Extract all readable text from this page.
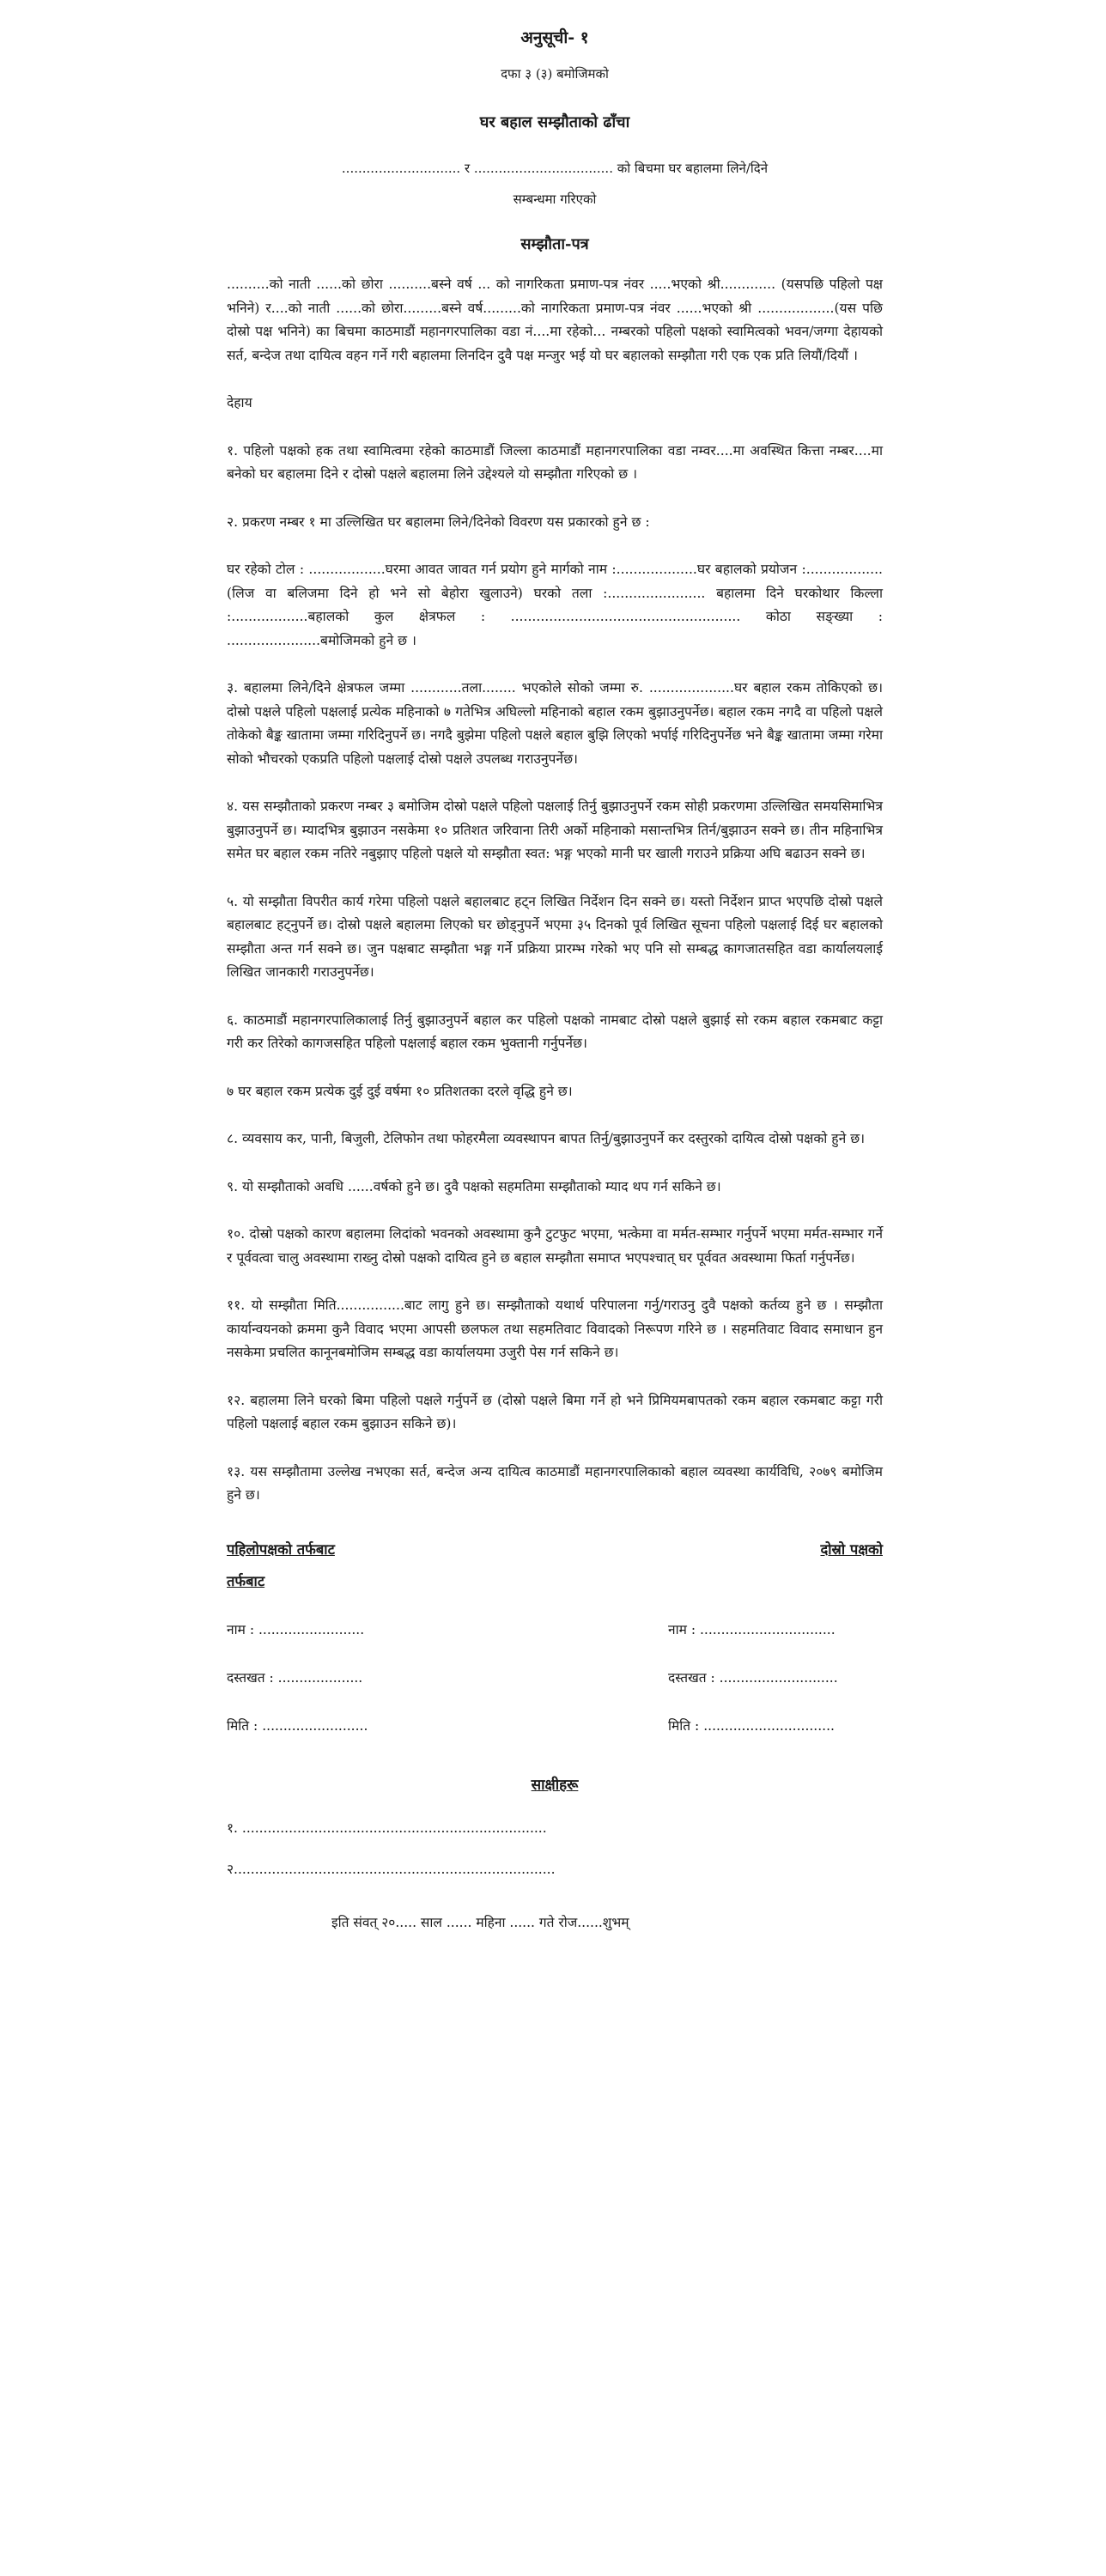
अनुसूची- १
दफा ३ (३) बमोजिमको
घर बहाल सम्झौताको ढाँचा
............................. र .................................. को बिचमा घर बहालमा लिने/दिने
सम्बन्धमा गरिएको
सम्झौता-पत्र

..........को नाती ......को छोरा ..........बस्ने वर्ष ... को नागरिकता प्रमाण-पत्र नंवर .....भएको श्री............. (यसपछि पहिलो पक्ष भनिने) र....को नाती ......को छोरा.........बस्ने वर्ष.........को नागरिकता प्रमाण-पत्र नंवर ......भएको श्री ..................(यस पछि दोस्रो पक्ष भनिने) का बिचमा काठमाडौं महानगरपालिका वडा नं....मा रहेको... नम्बरको पहिलो पक्षको स्वामित्वको भवन/जग्गा देहायको सर्त, बन्देज तथा दायित्व वहन गर्ने गरी बहालमा लिनदिन दुवै पक्ष मन्जुर भई यो घर बहालको सम्झौता गरी एक एक प्रति लियौं/दियौं ।

देहाय

१. पहिलो पक्षको हक तथा स्वामित्वमा रहेको काठमाडौं जिल्ला काठमाडौं महानगरपालिका वडा नम्वर....मा अवस्थित कित्ता नम्बर....मा बनेको घर बहालमा दिने र दोस्रो पक्षले बहालमा लिने उद्देश्यले यो सम्झौता गरिएको छ ।

२. प्रकरण नम्बर १ मा उल्लिखित घर बहालमा लिने/दिनेको विवरण यस प्रकारको हुने छ :

घर रहेको टोल : ..................घरमा आवत जावत गर्न प्रयोग हुने मार्गको नाम :...................घर बहालको प्रयोजन :.................. (लिज वा बलिजमा दिने हो भने सो बेहोरा खुलाउने) घरको तला :....................... बहालमा दिने घरकोथार किल्ला :..................बहालको कुल क्षेत्रफल : ...................................................... कोठा सङ्ख्या : ......................बमोजिमको हुने छ ।

३. बहालमा लिने/दिने क्षेत्रफल जम्मा ............तला........ भएकोले सोको जम्मा रु. ....................घर बहाल रकम तोकिएको छ। दोस्रो पक्षले पहिलो पक्षलाई प्रत्येक महिनाको ७ गतेभित्र अघिल्लो महिनाको बहाल रकम बुझाउनुपर्नेछ। बहाल रकम नगदै वा पहिलो पक्षले तोकेको बैङ्क खातामा जम्मा गरिदिनुपर्ने छ। नगदै बुझेमा पहिलो पक्षले बहाल बुझि लिएको भर्पाई गरिदिनुपर्नेछ भने बैङ्क खातामा जम्मा गरेमा सोको भौचरको एकप्रति पहिलो पक्षलाई दोस्रो पक्षले उपलब्ध गराउनुपर्नेछ।

४. यस सम्झौताको प्रकरण नम्बर ३ बमोजिम दोस्रो पक्षले पहिलो पक्षलाई तिर्नु बुझाउनुपर्ने रकम सोही प्रकरणमा उल्लिखित समयसिमाभित्र बुझाउनुपर्ने छ। म्यादभित्र बुझाउन नसकेमा १० प्रतिशत जरिवाना तिरी अर्को महिनाको मसान्तभित्र तिर्न/बुझाउन सक्ने छ। तीन महिनाभित्र समेत घर बहाल रकम नतिरे नबुझाए पहिलो पक्षले यो सम्झौता स्वत: भङ्ग भएको मानी घर खाली गराउने प्रक्रिया अघि बढाउन सक्ने छ।

५. यो सम्झौता विपरीत कार्य गरेमा पहिलो पक्षले बहालबाट हट्न लिखित निर्देशन दिन सक्ने छ। यस्तो निर्देशन प्राप्त भएपछि दोस्रो पक्षले बहालबाट हट्नुपर्ने छ। दोस्रो पक्षले बहालमा लिएको घर छोड्नुपर्ने भएमा ३५ दिनको पूर्व लिखित सूचना पहिलो पक्षलाई दिई घर बहालको सम्झौता अन्त गर्न सक्ने छ। जुन पक्षबाट सम्झौता भङ्ग गर्ने प्रक्रिया प्रारम्भ गरेको भए पनि सो सम्बद्ध कागजातसहित वडा कार्यालयलाई लिखित जानकारी गराउनुपर्नेछ।

६. काठमाडौं महानगरपालिकालाई तिर्नु बुझाउनुपर्ने बहाल कर पहिलो पक्षको नामबाट दोस्रो पक्षले बुझाई सो रकम बहाल रकमबाट कट्टा गरी कर तिरेको कागजसहित पहिलो पक्षलाई बहाल रकम भुक्तानी गर्नुपर्नेछ।

७ घर बहाल रकम प्रत्येक दुई दुई वर्षमा १० प्रतिशतका दरले वृद्धि हुने छ।

८. व्यवसाय कर, पानी, बिजुली, टेलिफोन तथा फोहरमैला व्यवस्थापन बापत तिर्नु/बुझाउनुपर्ने कर दस्तुरको दायित्व दोस्रो पक्षको हुने छ।

९. यो सम्झौताको अवधि ......वर्षको हुने छ। दुवै पक्षको सहमतिमा सम्झौताको म्याद थप गर्न सकिने छ।

१०. दोस्रो पक्षको कारण बहालमा लिदांको भवनको अवस्थामा कुनै टुटफुट भएमा, भत्केमा वा मर्मत-सम्भार गर्नुपर्ने भएमा मर्मत-सम्भार गर्ने र पूर्ववत्वा चालु अवस्थामा राख्नु दोस्रो पक्षको दायित्व हुने छ बहाल सम्झौता समाप्त भएपश्चात् घर पूर्ववत अवस्थामा फिर्ता गर्नुपर्नेछ।

११. यो सम्झौता मिति................बाट लागु हुने छ। सम्झौताको यथार्थ परिपालना गर्नु/गराउनु दुवै पक्षको कर्तव्य हुने छ । सम्झौता कार्यान्वयनको क्रममा कुनै विवाद भएमा आपसी छलफल तथा सहमतिवाट विवादको निरूपण गरिने छ । सहमतिवाट विवाद समाधान हुन नसकेमा प्रचलित कानूनबमोजिम सम्बद्ध वडा कार्यालयमा उजुरी पेस गर्न सकिने छ।

१२. बहालमा लिने घरको बिमा पहिलो पक्षले गर्नुपर्ने छ (दोस्रो पक्षले बिमा गर्ने हो भने प्रिमियमबापतको रकम बहाल रकमबाट कट्टा गरी पहिलो पक्षलाई बहाल रकम बुझाउन सकिने छ)।

१३. यस सम्झौतामा उल्लेख नभएका सर्त, बन्देज अन्य दायित्व काठमाडौं महानगरपालिकाको बहाल व्यवस्था कार्यविधि, २०७९ बमोजिम हुने छ।

पहिलोपक्षको तर्फबाट	दोस्रो पक्षको
तर्फबाट
नाम : .........................	नाम : ................................
दस्तखत : ....................	दस्तखत : ............................
मिति : .........................	मिति : ...............................
साक्षीहरू
१. ........................................................................
२............................................................................
इति संवत् २०..... साल ...... महिना ...... गते रोज......शुभम्
